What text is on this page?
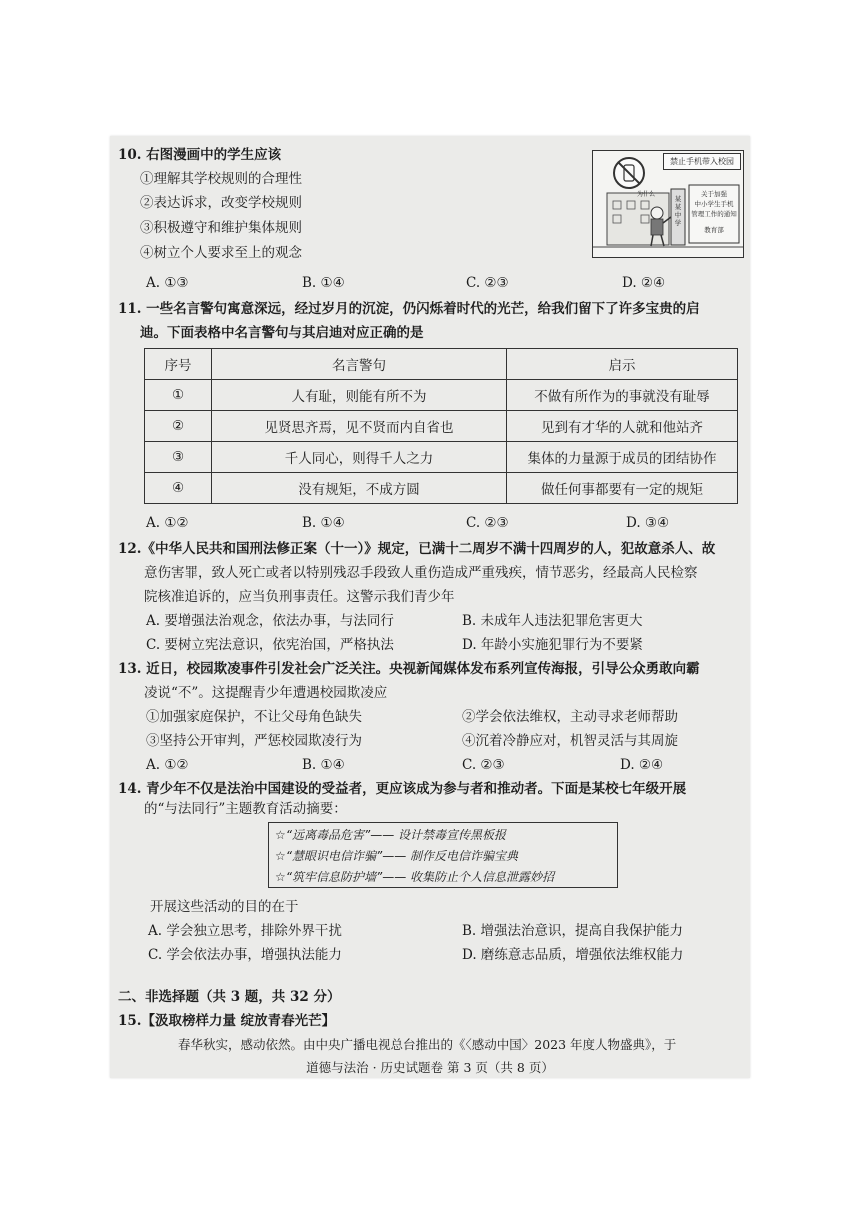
10. 右图漫画中的学生应该
①理解其学校规则的合理性
②表达诉求，改变学校规则
③积极遵守和维护集体规则
④树立个人要求至上的观念
A. ①③	B. ①④	C. ②③	D. ②④
禁止手机带入校园
关于加强
中小学生手机
管理工作的通知
教育部
某某中学
为什么
11. 一些名言警句寓意深远，经过岁月的沉淀，仍闪烁着时代的光芒，给我们留下了许多宝贵的启
迪。下面表格中名言警句与其启迪对应正确的是
序号	名言警句	启示
①	人有耻，则能有所不为	不做有所作为的事就没有耻辱
②	见贤思齐焉，见不贤而内自省也	见到有才华的人就和他站齐
③	千人同心，则得千人之力	集体的力量源于成员的团结协作
④	没有规矩，不成方圆	做任何事都要有一定的规矩
A. ①②	B. ①④	C. ②③	D. ③④
12.《中华人民共和国刑法修正案（十一）》规定，已满十二周岁不满十四周岁的人，犯故意杀人、故
意伤害罪，致人死亡或者以特别残忍手段致人重伤造成严重残疾，情节恶劣，经最高人民检察
院核准追诉的，应当负刑事责任。这警示我们青少年
A. 要增强法治观念，依法办事，与法同行	B. 未成年人违法犯罪危害更大
C. 要树立宪法意识，依宪治国，严格执法	D. 年龄小实施犯罪行为不要紧
13. 近日，校园欺凌事件引发社会广泛关注。央视新闻媒体发布系列宣传海报，引导公众勇敢向霸
凌说“不”。这提醒青少年遭遇校园欺凌应
①加强家庭保护，不让父母角色缺失	②学会依法维权，主动寻求老师帮助
③坚持公开审判，严惩校园欺凌行为	④沉着冷静应对，机智灵活与其周旋
A. ①②	B. ①④	C. ②③	D. ②④
14. 青少年不仅是法治中国建设的受益者，更应该成为参与者和推动者。下面是某校七年级开展
的“与法同行”主题教育活动摘要：
☆“远离毒品危害”—— 设计禁毒宣传黑板报
☆“慧眼识电信诈骗”—— 制作反电信诈骗宝典
☆“筑牢信息防护墙”—— 收集防止个人信息泄露妙招
开展这些活动的目的在于
A. 学会独立思考，排除外界干扰	B. 增强法治意识，提高自我保护能力
C. 学会依法办事，增强执法能力	D. 磨练意志品质，增强依法维权能力
二、非选择题（共 3 题，共 32 分）
15.【汲取榜样力量 绽放青春光芒】
春华秋实，感动依然。由中央广播电视总台推出的《〈感动中国〉2023 年度人物盛典》，于
道德与法治 · 历史试题卷 第 3 页（共 8 页）
